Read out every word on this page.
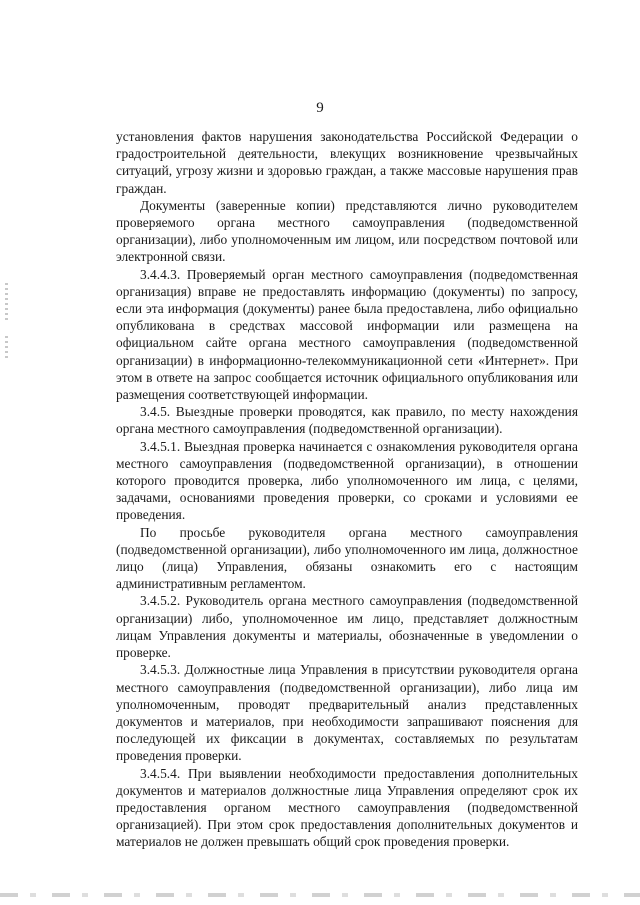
9

установления фактов нарушения законодательства Российской Федерации о градостроительной деятельности, влекущих возникновение чрезвычайных ситуаций, угрозу жизни и здоровью граждан, а также массовые нарушения прав граждан.

Документы (заверенные копии) представляются лично руководителем проверяемого органа местного самоуправления (подведомственной организации), либо уполномоченным им лицом, или посредством почтовой или электронной связи.

3.4.4.3. Проверяемый орган местного самоуправления (подведомственная организация) вправе не предоставлять информацию (документы) по запросу, если эта информация (документы) ранее была предоставлена, либо официально опубликована в средствах массовой информации или размещена на официальном сайте органа местного самоуправления (подведомственной организации) в информационно-телекоммуникационной сети «Интернет». При этом в ответе на запрос сообщается источник официального опубликования или размещения соответствующей информации.

3.4.5. Выездные проверки проводятся, как правило, по месту нахождения органа местного самоуправления (подведомственной организации).

3.4.5.1. Выездная проверка начинается с ознакомления руководителя органа местного самоуправления (подведомственной организации), в отношении которого проводится проверка, либо уполномоченного им лица, с целями, задачами, основаниями проведения проверки, со сроками и условиями ее проведения.

По просьбе руководителя органа местного самоуправления (подведомственной организации), либо уполномоченного им лица, должностное лицо (лица) Управления, обязаны ознакомить его с настоящим административным регламентом.

3.4.5.2. Руководитель органа местного самоуправления (подведомственной организации) либо, уполномоченное им лицо, представляет должностным лицам Управления документы и материалы, обозначенные в уведомлении о проверке.

3.4.5.3. Должностные лица Управления в присутствии руководителя органа местного самоуправления (подведомственной организации), либо лица им уполномоченным, проводят предварительный анализ представленных документов и материалов, при необходимости запрашивают пояснения для последующей их фиксации в документах, составляемых по результатам проведения проверки.

3.4.5.4. При выявлении необходимости предоставления дополнительных документов и материалов должностные лица Управления определяют срок их предоставления органом местного самоуправления (подведомственной организацией). При этом срок предоставления дополнительных документов и материалов не должен превышать общий срок проведения проверки.
